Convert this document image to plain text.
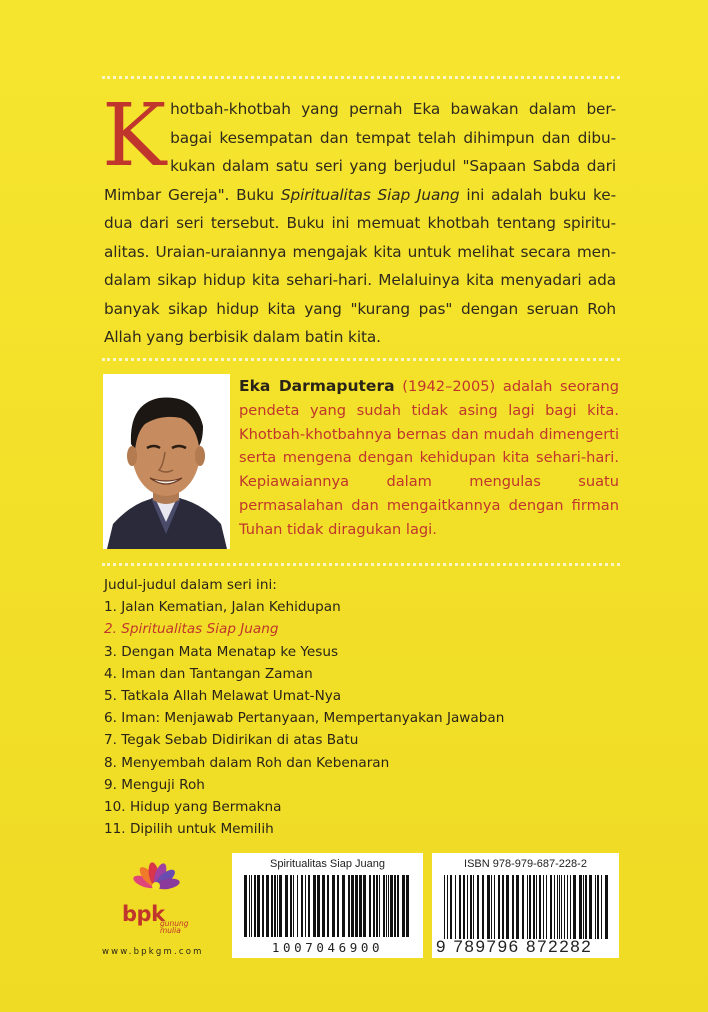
Khotbah-khotbah yang pernah Eka bawakan dalam ber-bagai kesempatan dan tempat telah dihimpun dan dibu-kukan dalam satu seri yang berjudul "Sapaan Sabda dari Mimbar Gereja". Buku Spiritualitas Siap Juang ini adalah buku ke-dua dari seri tersebut. Buku ini memuat khotbah tentang spiritu-alitas. Uraian-uraiannya mengajak kita untuk melihat secara men-dalam sikap hidup kita sehari-hari. Melaluinya kita menyadari ada banyak sikap hidup kita yang "kurang pas" dengan seruan Roh Allah yang berbisik dalam batin kita.
Eka Darmaputera (1942–2005) adalah seorang pendeta yang sudah tidak asing lagi bagi kita. Khotbah-khotbahnya bernas dan mudah dimengerti serta mengena dengan kehidupan kita sehari-hari. Kepiawaiannya dalam mengulas suatu permasalahan dan mengaitkannya dengan firman Tuhan tidak diragukan lagi.
Judul-judul dalam seri ini:
1. Jalan Kematian, Jalan Kehidupan
2. Spiritualitas Siap Juang
3. Dengan Mata Menatap ke Yesus
4. Iman dan Tantangan Zaman
5. Tatkala Allah Melawat Umat-Nya
6. Iman: Menjawab Pertanyaan, Mempertanyakan Jawaban
7. Tegak Sebab Didirikan di atas Batu
8. Menyembah dalam Roh dan Kebenaran
9. Menguji Roh
10. Hidup yang Bermakna
11. Dipilih untuk Memilih
bpk
gunung
mulia
www.bpkgm.com
Spiritualitas Siap Juang
1007046900
ISBN 978-979-687-228-2
9 789796 872282
